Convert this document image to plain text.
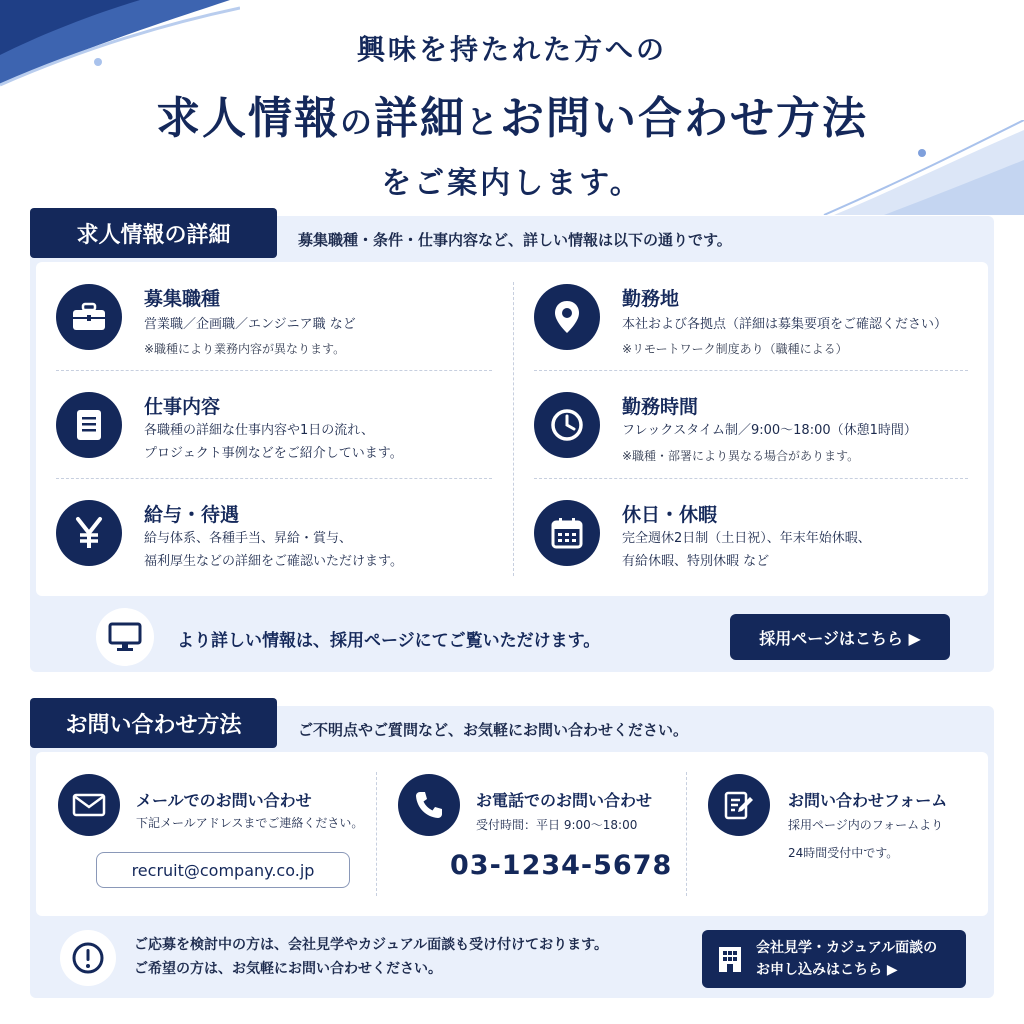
興味を持たれた方への
求人情報の詳細とお問い合わせ方法
をご案内します。
求人情報の詳細	募集職種・条件・仕事内容など、詳しい情報は以下の通りです。
募集職種
営業職／企画職／エンジニア職 など
※職種により業務内容が異なります。
勤務地
本社および各拠点（詳細は募集要項をご確認ください）
※リモートワーク制度あり（職種による）
仕事内容
各職種の詳細な仕事内容や1日の流れ、
プロジェクト事例などをご紹介しています。
勤務時間
フレックスタイム制／9:00〜18:00（休憩1時間）
※職種・部署により異なる場合があります。
給与・待遇
給与体系、各種手当、昇給・賞与、
福利厚生などの詳細をご確認いただけます。
休日・休暇
完全週休2日制（土日祝）、年末年始休暇、
有給休暇、特別休暇 など
より詳しい情報は、採用ページにてご覧いただけます。	採用ページはこちら ▶
お問い合わせ方法	ご不明点やご質問など、お気軽にお問い合わせください。
メールでのお問い合わせ
下記メールアドレスまでご連絡ください。
recruit@company.co.jp
お電話でのお問い合わせ
受付時間：平日 9:00〜18:00
03-1234-5678
お問い合わせフォーム
採用ページ内のフォームより
24時間受付中です。
ご応募を検討中の方は、会社見学やカジュアル面談も受け付けております。
ご希望の方は、お気軽にお問い合わせください。
会社見学・カジュアル面談の
お申し込みはこちら ▶
